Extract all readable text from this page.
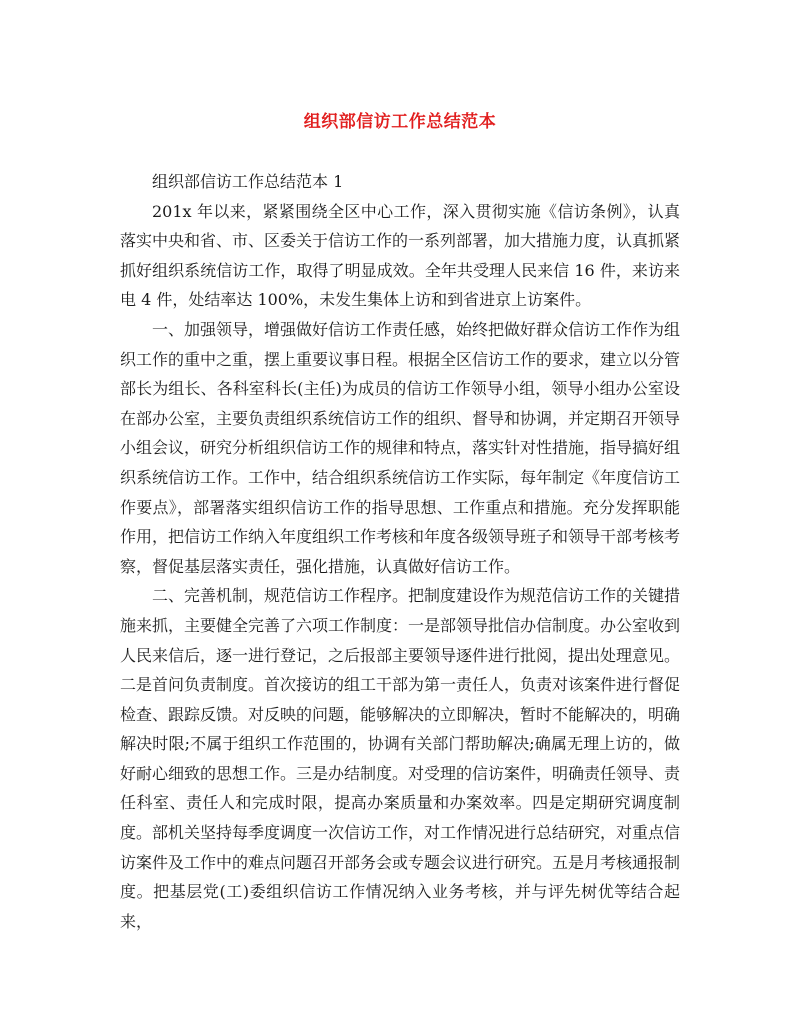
组织部信访工作总结范本

组织部信访工作总结范本 1

201x 年以来，紧紧围绕全区中心工作，深入贯彻实施《信访条例》，认真落实中央和省、市、区委关于信访工作的一系列部署，加大措施力度，认真抓紧抓好组织系统信访工作，取得了明显成效。全年共受理人民来信 16 件，来访来电 4 件，处结率达 100%，未发生集体上访和到省进京上访案件。

一、加强领导，增强做好信访工作责任感，始终把做好群众信访工作作为组织工作的重中之重，摆上重要议事日程。根据全区信访工作的要求，建立以分管部长为组长、各科室科长(主任)为成员的信访工作领导小组，领导小组办公室设在部办公室，主要负责组织系统信访工作的组织、督导和协调，并定期召开领导小组会议，研究分析组织信访工作的规律和特点，落实针对性措施，指导搞好组织系统信访工作。工作中，结合组织系统信访工作实际，每年制定《年度信访工作要点》，部署落实组织信访工作的指导思想、工作重点和措施。充分发挥职能作用，把信访工作纳入年度组织工作考核和年度各级领导班子和领导干部考核考察，督促基层落实责任，强化措施，认真做好信访工作。

二、完善机制，规范信访工作程序。把制度建设作为规范信访工作的关键措施来抓，主要健全完善了六项工作制度：一是部领导批信办信制度。办公室收到人民来信后，逐一进行登记，之后报部主要领导逐件进行批阅，提出处理意见。二是首问负责制度。首次接访的组工干部为第一责任人，负责对该案件进行督促检查、跟踪反馈。对反映的问题，能够解决的立即解决，暂时不能解决的，明确解决时限;不属于组织工作范围的，协调有关部门帮助解决;确属无理上访的，做好耐心细致的思想工作。三是办结制度。对受理的信访案件，明确责任领导、责任科室、责任人和完成时限，提高办案质量和办案效率。四是定期研究调度制度。部机关坚持每季度调度一次信访工作，对工作情况进行总结研究，对重点信访案件及工作中的难点问题召开部务会或专题会议进行研究。五是月考核通报制度。把基层党(工)委组织信访工作情况纳入业务考核，并与评先树优等结合起来，
